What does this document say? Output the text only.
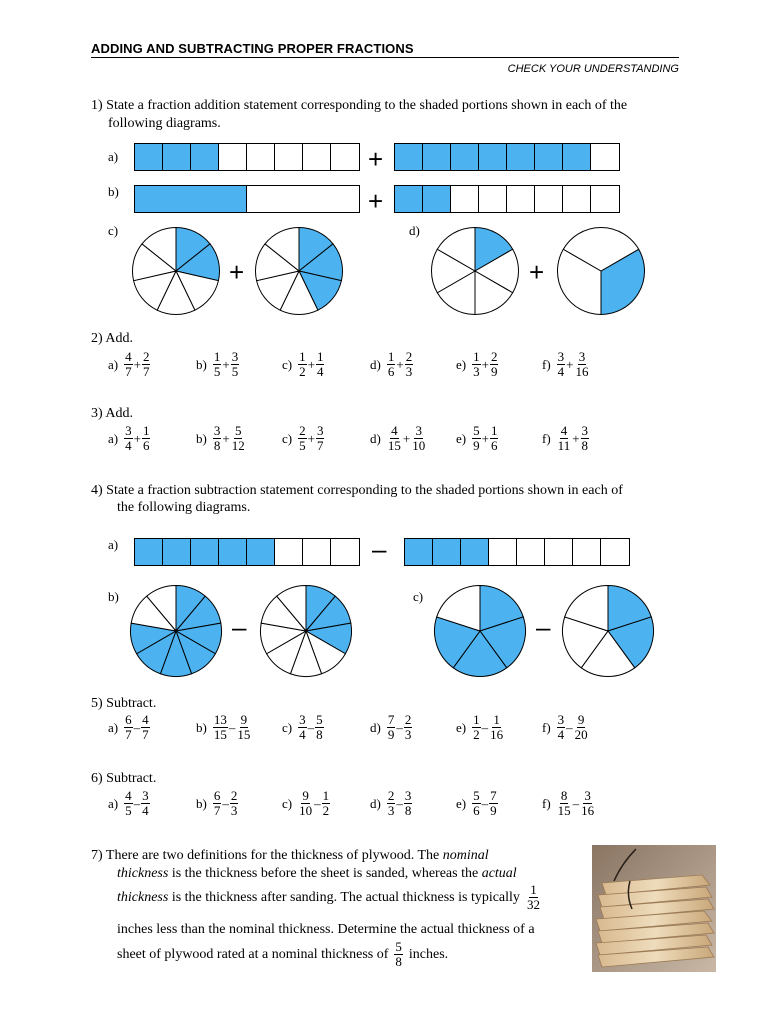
ADDING AND SUBTRACTING PROPER FRACTIONS
CHECK YOUR UNDERSTANDING
1) State a fraction addition statement corresponding to the shaded portions shown in each of the
following diagrams.
a)	+
b)	+
c)
+
d)
+
2) Add.
$a) \frac{4}{7} + \frac{2}{7}$	$b) \frac{1}{5} + \frac{3}{5}$	$c) \frac{1}{2} + \frac{1}{4}$	$d) \frac{1}{6} + \frac{2}{3}$	$e) \frac{1}{3} + \frac{2}{9}$	$f) \frac{3}{4} + \frac{3}{16}$
3) Add.
$a) \frac{3}{4} + \frac{1}{6}$	$b) \frac{3}{8} + \frac{5}{12}$	$c) \frac{2}{5} + \frac{3}{7}$	$d) \frac{4}{15} + \frac{3}{10} e) \frac{5}{9} + \frac{1}{6}$	$f) \frac{4}{11} + \frac{3}{8}$
4) State a fraction subtraction statement corresponding to the shaded portions shown in each of
the following diagrams.
a)	–
b)
–
c)
–
5) Subtract.
$a) \frac{6}{7} - \frac{4}{7}$	$b) \frac{13}{15} - \frac{9}{15} c) \frac{3}{4} - \frac{5}{8}$	$d) \frac{7}{9} - \frac{2}{3}$	$e) \frac{1}{2} - \frac{1}{16}$	$f) \frac{3}{4} - \frac{9}{20}$
6) Subtract.
$a) \frac{4}{5} - \frac{3}{4}$	$b) \frac{6}{7} - \frac{2}{3}$	$c) \frac{9}{10} - \frac{1}{2}$	$d) \frac{2}{3} - \frac{3}{8}$	$e) \frac{5}{6} - \frac{7}{9}$	$f) \frac{8}{15} - \frac{3}{16}$
7) There are two definitions for the thickness of plywood. The nominal
thickness is the thickness before the sheet is sanded, whereas the actual
thickness is the thickness after sanding. The actual thickness is typically $\frac{1}{32}$
inches less than the nominal thickness. Determine the actual thickness of a
sheet of plywood rated at a nominal thickness of $\frac{5}{8}$ inches.
